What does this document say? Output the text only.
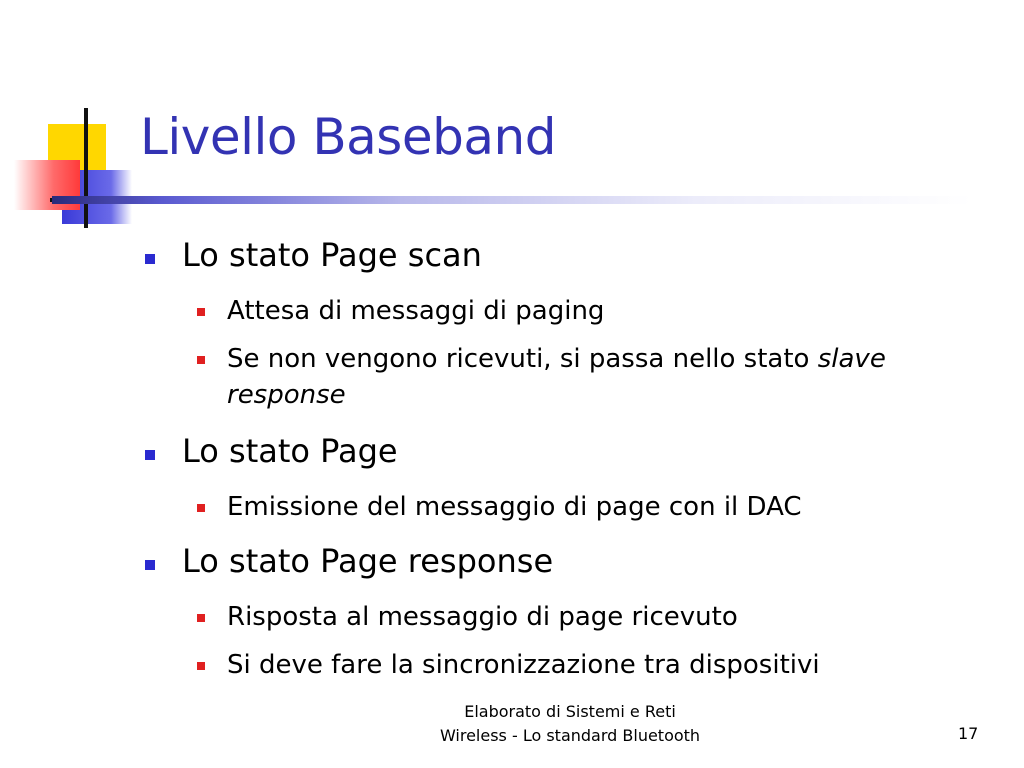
Livello Baseband

Lo stato Page scan

Attesa di messaggi di paging

Se non vengono ricevuti, si passa nello stato slave response

Lo stato Page

Emissione del messaggio di page con il DAC

Lo stato Page response

Risposta al messaggio di page ricevuto

Si deve fare la sincronizzazione tra dispositivi

Elaborato di Sistemi e Reti
Wireless - Lo standard Bluetooth	17
